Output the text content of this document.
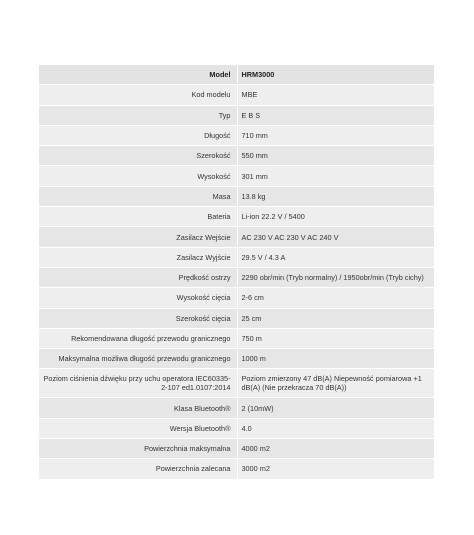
Model	HRM3000
Kod modelu	MBE
Typ	E B S
Długość	710 mm
Szerokość	550 mm
Wysokość	301 mm
Masa	13.8 kg
Bateria	Li-ion 22.2 V / 5400
Zasilacz Wejście	AC 230 V AC 230 V AC 240 V
Zasilacz Wyjście	29.5 V / 4.3 A
Prędkość ostrzy	2290 obr/min (Tryb normalny) / 1950obr/min (Tryb cichy)
Wysokość cięcia	2-6 cm
Szerokość cięcia	25 cm
Rekomendowana długość przewodu granicznego	750 m
Maksymalna możliwa długość przewodu granicznego	1000 m
Poziom ciśnienia dźwięku przy uchu operatora IEC60335-2-107 ed1.0107:2014	Poziom zmierzony 47 dB(A) Niepewność pomiarowa +1 dB(A) (Nie przekracza 70 dB(A))
Klasa Bluetooth®	2 (10mW)
Wersja Bluetooth®	4.0
Powierzchnia maksymalna	4000 m2
Powierzchnia zalecana	3000 m2
